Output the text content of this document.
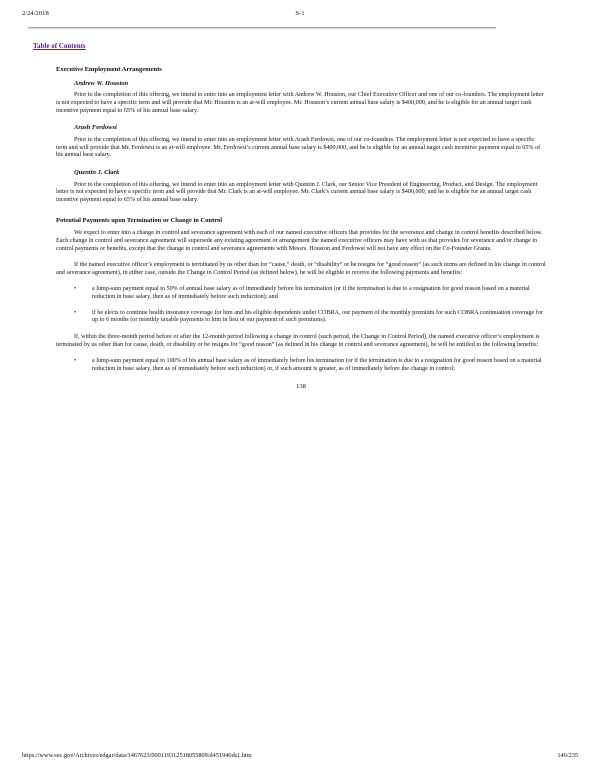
2/24/2018	S-1
Table of Contents
Executive Employment Arrangements
Andrew W. Houston

Prior to the completion of this offering, we intend to enter into an employment letter with Andrew W. Houston, our Chief Executive Officer and one of our co-founders. The employment letter is not expected to have a specific term and will provide that Mr. Houston is an at-will employee. Mr. Houston’s current annual base salary is $400,000, and he is eligible for an annual target cash incentive payment equal to 65% of his annual base salary.

Arash Ferdowsi

Prior to the completion of this offering, we intend to enter into an employment letter with Arash Ferdowsi, one of our co-founders. The employment letter is not expected to have a specific term and will provide that Mr. Ferdowsi is an at-will employee. Mr. Ferdowsi’s current annual base salary is $400,000, and he is eligible for an annual target cash incentive payment equal to 65% of his annual base salary.

Quentin J. Clark

Prior to the completion of this offering, we intend to enter into an employment letter with Quentin J. Clark, our Senior Vice President of Engineering, Product, and Design. The employment letter is not expected to have a specific term and will provide that Mr. Clark is an at-will employee. Mr. Clark’s current annual base salary is $400,000, and he is eligible for an annual target cash incentive payment equal to 65% of his annual base salary.

Potential Payments upon Termination or Change in Control

We expect to enter into a change in control and severance agreement with each of our named executive officers that provides for the severance and change in control benefits described below. Each change in control and severance agreement will supersede any existing agreement or arrangement the named executive officers may have with us that provides for severance and/or change in control payments or benefits, except that the change in control and severance agreements with Messrs. Houston and Ferdowsi will not have any effect on the Co-Founder Grants.

If the named executive officer’s employment is terminated by us other than for “cause,” death, or “disability” or he resigns for “good reason” (as such terms are defined in his change in control and severance agreement), in either case, outside the Change in Control Period (as defined below), he will be eligible to receive the following payments and benefits:

•	a lump-sum payment equal to 50% of annual base salary as of immediately before his termination (or if the termination is due to a resignation for good reason based on a material reduction in base salary, then as of immediately before such reduction); and
•	if he elects to continue health insurance coverage for him and his eligible dependents under COBRA, our payment of the monthly premium for such COBRA continuation coverage for up to 6 months (or monthly taxable payments to him in lieu of our payment of such premiums).

If, within the three-month period before or after the 12-month period following a change in control (such period, the Change in Control Period), the named executive officer’s employment is terminated by us other than for cause, death, or disability or he resigns for “good reason” (as defined in his change in control and severance agreement), he will be entitled to the following benefits:

•	a lump-sum payment equal to 100% of his annual base salary as of immediately before his termination (or if the termination is due to a resignation for good reason based on a material reduction in base salary, then as of immediately before such reduction) or, if such amount is greater, as of immediately before the change in control;
138
https://www.sec.gov/Archives/edgar/data/1467623/000119312518055809/d451946ds1.htm	146/235
